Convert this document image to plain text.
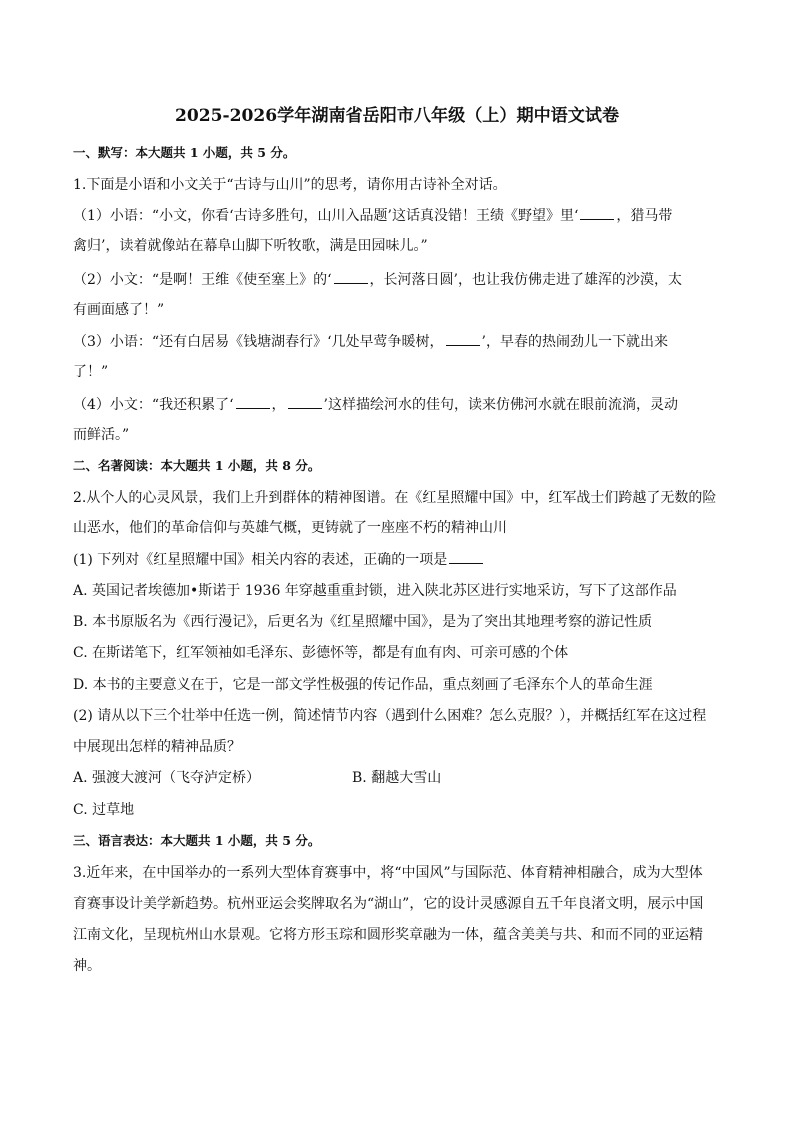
2025-2026学年湖南省岳阳市八年级（上）期中语文试卷
一、默写：本大题共 1 小题，共 5 分。
1.下面是小语和小文关于“古诗与山川”的思考，请你用古诗补全对话。
（1）小语：“小文，你看‘古诗多胜句，山川入品题’这话真没错！王绩《野望》里‘	，猎马带
禽归’，读着就像站在幕阜山脚下听牧歌，满是田园味儿。”
（2）小文：“是啊！王维《使至塞上》的‘	，长河落日圆’，也让我仿佛走进了雄浑的沙漠，太
有画面感了！”
（3）小语：“还有白居易《钱塘湖春行》‘几处早莺争暖树，	’，早春的热闹劲儿一下就出来
了！”
（4）小文：“我还积累了‘	，	’这样描绘河水的佳句，读来仿佛河水就在眼前流淌，灵动
而鲜活。”
二、名著阅读：本大题共 1 小题，共 8 分。
2.从个人的心灵风景，我们上升到群体的精神图谱。在《红星照耀中国》中，红军战士们跨越了无数的险
山恶水，他们的革命信仰与英雄气概，更铸就了一座座不朽的精神山川
(1) 下列对《红星照耀中国》相关内容的表述，正确的一项是
A. 英国记者埃德加•斯诺于 1936 年穿越重重封锁，进入陕北苏区进行实地采访，写下了这部作品
B. 本书原版名为《西行漫记》，后更名为《红星照耀中国》，是为了突出其地理考察的游记性质
C. 在斯诺笔下，红军领袖如毛泽东、彭德怀等，都是有血有肉、可亲可感的个体
D. 本书的主要意义在于，它是一部文学性极强的传记作品，重点刻画了毛泽东个人的革命生涯
(2) 请从以下三个壮举中任选一例，简述情节内容（遇到什么困难？怎么克服？），并概括红军在这过程
中展现出怎样的精神品质？
A. 强渡大渡河（飞夺泸定桥）	B. 翻越大雪山
C. 过草地
三、语言表达：本大题共 1 小题，共 5 分。
3.近年来，在中国举办的一系列大型体育赛事中，将“中国风”与国际范、体育精神相融合，成为大型体
育赛事设计美学新趋势。杭州亚运会奖牌取名为“湖山”，它的设计灵感源自五千年良渚文明，展示中国
江南文化，呈现杭州山水景观。它将方形玉琮和圆形奖章融为一体，蕴含美美与共、和而不同的亚运精
神。
